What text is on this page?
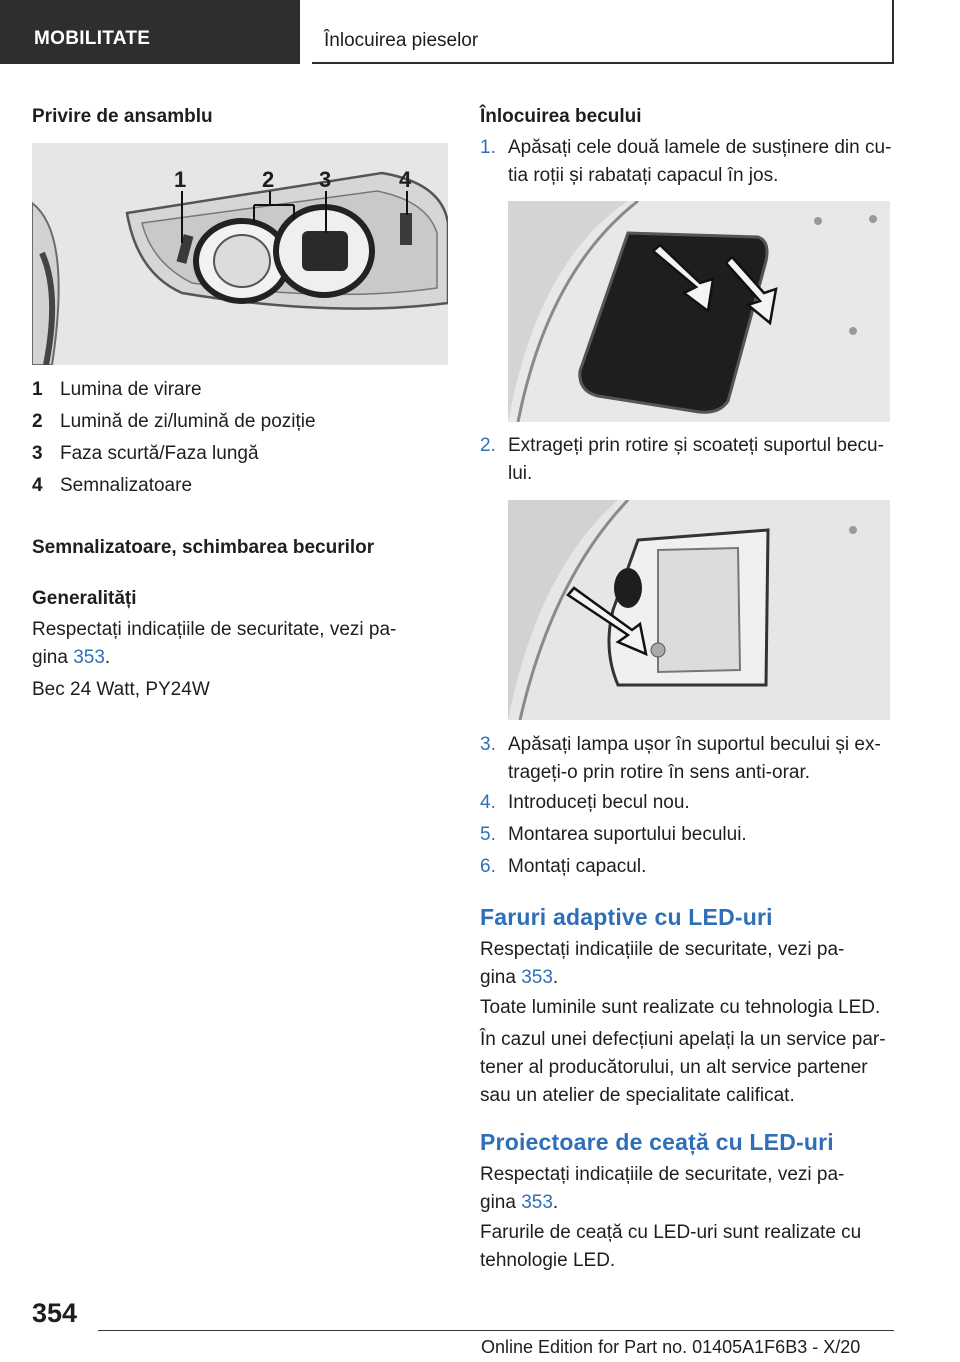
MOBILITATE	Înlocuirea pieselor

Privire de ansamblu

1	2 3	4
1 Lumina de virare
2 Lumină de zi/lumină de poziție
3 Faza scurtă/Faza lungă
4 Semnalizatoare

Semnalizatoare, schimbarea becurilor

Generalități

Respectați indicațiile de securitate, vezi pa-
gina 353.

Bec 24 Watt, PY24W

Înlocuirea becului

1. Apăsați cele două lamele de susținere din cu-
tia roții și rabatați capacul în jos.
2. Extrageți prin rotire și scoateți suportul becu-
lui.
3. Apăsați lampa ușor în suportul becului și ex-
trageți-o prin rotire în sens anti-orar.
4. Introduceți becul nou.
5. Montarea suportului becului.
6. Montați capacul.

Faruri adaptive cu LED-uri

Respectați indicațiile de securitate, vezi pa-
gina 353.

Toate luminile sunt realizate cu tehnologia LED.

În cazul unei defecțiuni apelați la un service par-
tener al producătorului, un alt service partener
sau un atelier de specialitate calificat.

Proiectoare de ceață cu LED-uri

Respectați indicațiile de securitate, vezi pa-
gina 353.

Farurile de ceață cu LED-uri sunt realizate cu
tehnologie LED.

354
Online Edition for Part no. 01405A1F6B3 - X/20
